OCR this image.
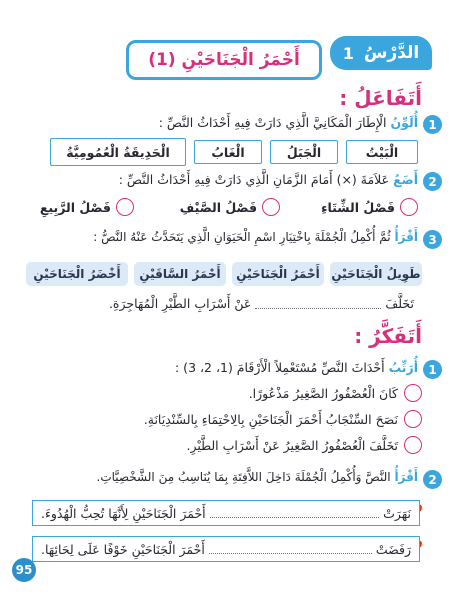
الدَّرْسُ
1
أَحْمَرُ الْجَنَاحَيْنِ (1)
أَتَفَاعَلُ :
1
أُلَوِّنُ الْإِطَارَ الْمَكَانِيَّ الَّذِي دَارَتْ فِيهِ أَحْدَاثُ النَّصِّ :
الْبَيْتُ
الْجَبَلُ
الْغَابُ
الْحَدِيقَةُ الْعُمُومِيَّةُ
2
أَضَعُ عَلاَمَةَ (×) أَمَامَ الزَّمَانِ الَّذِي دَارَتْ فِيهِ أَحْدَاثُ النَّصِّ :
فَصْلُ الشِّتَاءِ
فَصْلُ الصَّيْفِ
فَصْلُ الرَّبِيعِ
3
أَقْرَأُ ثُمَّ أُكْمِلُ الْجُمْلَةَ بِاخْتِيَارِ اسْمِ الْحَيَوَانِ الَّذِي يَتَحَدَّثُ عَنْهُ النَّصُّ :
طَوِيلُ الْجَنَاحَيْنِ
أَحْمَرُ الْجَنَاحَيْنِ
أَحْمَرُ السَّاقَيْنِ
أَخْضَرُ الْجَنَاحَيْنِ
تَخَلَّفَ
عَنْ أَسْرَابِ الطَّيْرِ الْمُهَاجِرَةِ.
أَتَفَكَّرُ :
1
أُرَتِّبُ أَحْدَاثَ النَّصِّ مُسْتَعْمِلاً الْأَرْقَامَ (1، 2، 3) :
كَانَ الْعُصْفُورُ الصَّغِيرُ مَذْعُورًا.
نَصَحَ السِّنْجَابُ أَحْمَرَ الْجَنَاحَيْنِ بِالِاحْتِمَاءِ بِالسِّنْدِيَانَةِ.
تَخَلَّفَ الْعُصْفُورُ الصَّغِيرُ عَنْ أَسْرَابِ الطَّيْرِ.
2
أَقْرَأُ النَّصَّ وَأُكْمِلُ الْجُمْلَةَ دَاخِلَ اللاَّفِتَةِ بِمَا يُنَاسِبُ مِنَ الشَّخْصِيَّاتِ.
نَهَرَتْ
أَحْمَرَ الْجَنَاحَيْنِ لِأَنَّهَا تُحِبُّ الْهُدُوءَ.
رَفَضَتْ
أَحْمَرَ الْجَنَاحَيْنِ خَوْفًا عَلَى لِحَائِهَا.
95
